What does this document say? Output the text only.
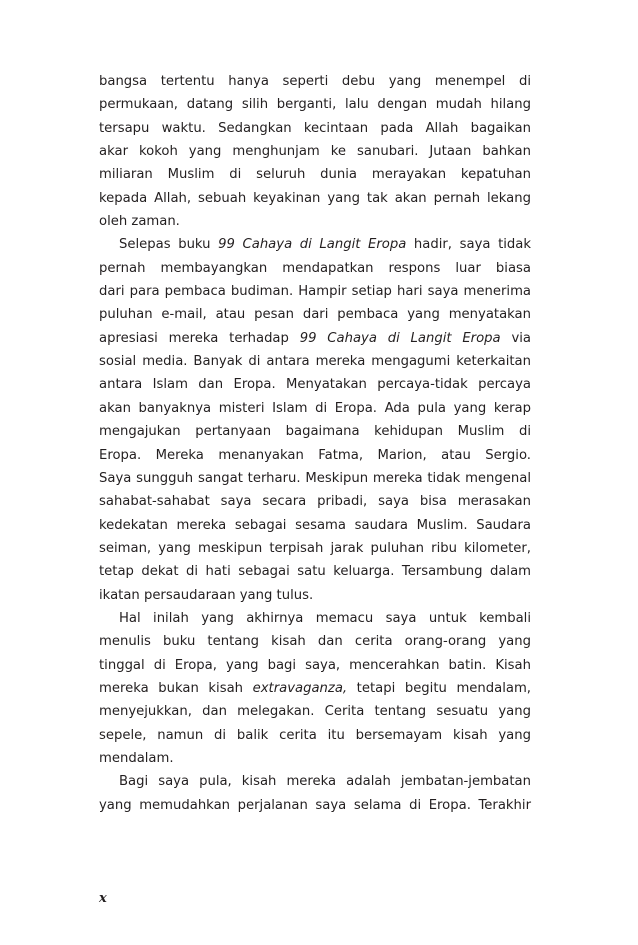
bangsa tertentu hanya seperti debu yang menempel di
permukaan, datang silih berganti, lalu dengan mudah hilang
tersapu waktu. Sedangkan kecintaan pada Allah bagaikan
akar kokoh yang menghunjam ke sanubari. Jutaan bahkan
miliaran Muslim di seluruh dunia merayakan kepatuhan
kepada Allah, sebuah keyakinan yang tak akan pernah lekang
oleh zaman.
Selepas buku 99 Cahaya di Langit Eropa hadir, saya tidak
pernah membayangkan mendapatkan respons luar biasa
dari para pembaca budiman. Hampir setiap hari saya menerima
puluhan e-mail, atau pesan dari pembaca yang menyatakan
apresiasi mereka terhadap 99 Cahaya di Langit Eropa via
sosial media. Banyak di antara mereka mengagumi keterkaitan
antara Islam dan Eropa. Menyatakan percaya-tidak percaya
akan banyaknya misteri Islam di Eropa. Ada pula yang kerap
mengajukan pertanyaan bagaimana kehidupan Muslim di
Eropa. Mereka menanyakan Fatma, Marion, atau Sergio.
Saya sungguh sangat terharu. Meskipun mereka tidak mengenal
sahabat-sahabat saya secara pribadi, saya bisa merasakan
kedekatan mereka sebagai sesama saudara Muslim. Saudara
seiman, yang meskipun terpisah jarak puluhan ribu kilometer,
tetap dekat di hati sebagai satu keluarga. Tersambung dalam
ikatan persaudaraan yang tulus.
Hal inilah yang akhirnya memacu saya untuk kembali
menulis buku tentang kisah dan cerita orang-orang yang
tinggal di Eropa, yang bagi saya, mencerahkan batin. Kisah
mereka bukan kisah extravaganza, tetapi begitu mendalam,
menyejukkan, dan melegakan. Cerita tentang sesuatu yang
sepele, namun di balik cerita itu bersemayam kisah yang
mendalam.
Bagi saya pula, kisah mereka adalah jembatan-jembatan
yang memudahkan perjalanan saya selama di Eropa. Terakhir
x
